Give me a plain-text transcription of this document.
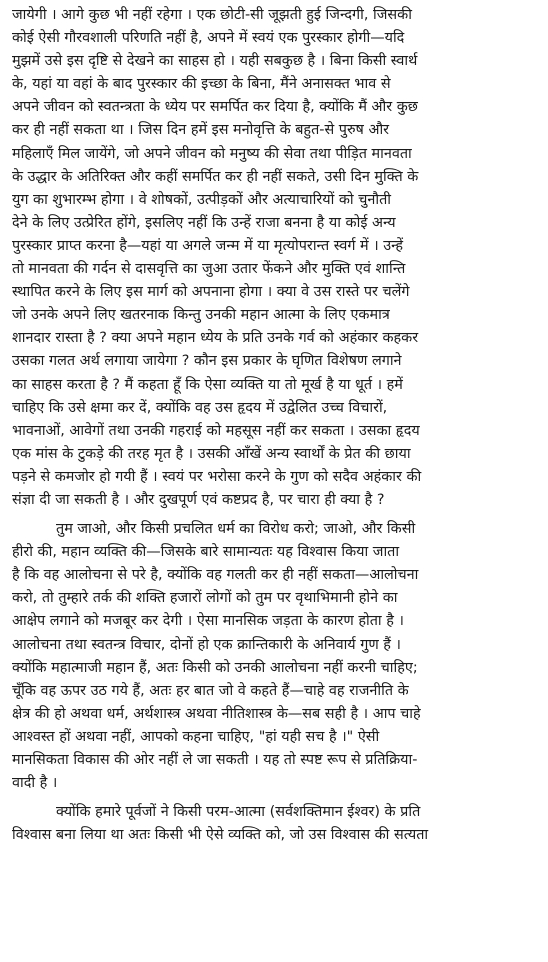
जायेगी । आगे कुछ भी नहीं रहेगा । एक छोटी-सी जूझती हुई जिन्दगी, जिसकी
कोई ऐसी गौरवशाली परिणति नहीं है, अपने में स्वयं एक पुरस्कार होगी—यदि
मुझमें उसे इस दृष्टि से देखने का साहस हो । यही सबकुछ है । बिना किसी स्वार्थ
के, यहां या वहां के बाद पुरस्कार की इच्छा के बिना, मैंने अनासक्त भाव से
अपने जीवन को स्वतन्त्रता के ध्येय पर समर्पित कर दिया है, क्योंकि मैं और कुछ
कर ही नहीं सकता था । जिस दिन हमें इस मनोवृत्ति के बहुत-से पुरुष और
महिलाएँ मिल जायेंगे, जो अपने जीवन को मनुष्य की सेवा तथा पीड़ित मानवता
के उद्धार के अतिरिक्त और कहीं समर्पित कर ही नहीं सकते, उसी दिन मुक्ति के
युग का शुभारम्भ होगा । वे शोषकों, उत्पीड़कों और अत्याचारियों को चुनौती
देने के लिए उत्प्रेरित होंगे, इसलिए नहीं कि उन्हें राजा बनना है या कोई अन्य
पुरस्कार प्राप्त करना है—यहां या अगले जन्म में या मृत्योपरान्त स्वर्ग में । उन्हें
तो मानवता की गर्दन से दासवृत्ति का जुआ उतार फेंकने और मुक्ति एवं शान्ति
स्थापित करने के लिए इस मार्ग को अपनाना होगा । क्या वे उस रास्ते पर चलेंगे
जो उनके अपने लिए खतरनाक किन्तु उनकी महान आत्मा के लिए एकमात्र
शानदार रास्ता है ? क्या अपने महान ध्येय के प्रति उनके गर्व को अहंकार कहकर
उसका गलत अर्थ लगाया जायेगा ? कौन इस प्रकार के घृणित विशेषण लगाने
का साहस करता है ? मैं कहता हूँ कि ऐसा व्यक्ति या तो मूर्ख है या धूर्त । हमें
चाहिए कि उसे क्षमा कर दें, क्योंकि वह उस हृदय में उद्वेलित उच्च विचारों,
भावनाओं, आवेगों तथा उनकी गहराई को महसूस नहीं कर सकता । उसका हृदय
एक मांस के टुकड़े की तरह मृत है । उसकी आँखें अन्य स्वार्थों के प्रेत की छाया
पड़ने से कमजोर हो गयी हैं । स्वयं पर भरोसा करने के गुण को सदैव अहंकार की
संज्ञा दी जा सकती है । और दुखपूर्ण एवं कष्टप्रद है, पर चारा ही क्या है ?
तुम जाओ, और किसी प्रचलित धर्म का विरोध करो; जाओ, और किसी
हीरो की, महान व्यक्ति की—जिसके बारे सामान्यतः यह विश्वास किया जाता
है कि वह आलोचना से परे है, क्योंकि वह गलती कर ही नहीं सकता—आलोचना
करो, तो तुम्हारे तर्क की शक्ति हजारों लोगों को तुम पर वृथाभिमानी होने का
आक्षेप लगाने को मजबूर कर देगी । ऐसा मानसिक जड़ता के कारण होता है ।
आलोचना तथा स्वतन्त्र विचार, दोनों हो एक क्रान्तिकारी के अनिवार्य गुण हैं ।
क्योंकि महात्माजी महान हैं, अतः किसी को उनकी आलोचना नहीं करनी चाहिए;
चूँकि वह ऊपर उठ गये हैं, अतः हर बात जो वे कहते हैं—चाहे वह राजनीति के
क्षेत्र की हो अथवा धर्म, अर्थशास्त्र अथवा नीतिशास्त्र के—सब सही है । आप चाहे
आश्वस्त हों अथवा नहीं, आपको कहना चाहिए, "हां यही सच है ।" ऐसी
मानसिकता विकास की ओर नहीं ले जा सकती । यह तो स्पष्ट रूप से प्रतिक्रिया-
वादी है ।
क्योंकि हमारे पूर्वजों ने किसी परम-आत्मा (सर्वशक्तिमान ईश्वर) के प्रति
विश्वास बना लिया था अतः किसी भी ऐसे व्यक्ति को, जो उस विश्वास की सत्यता
